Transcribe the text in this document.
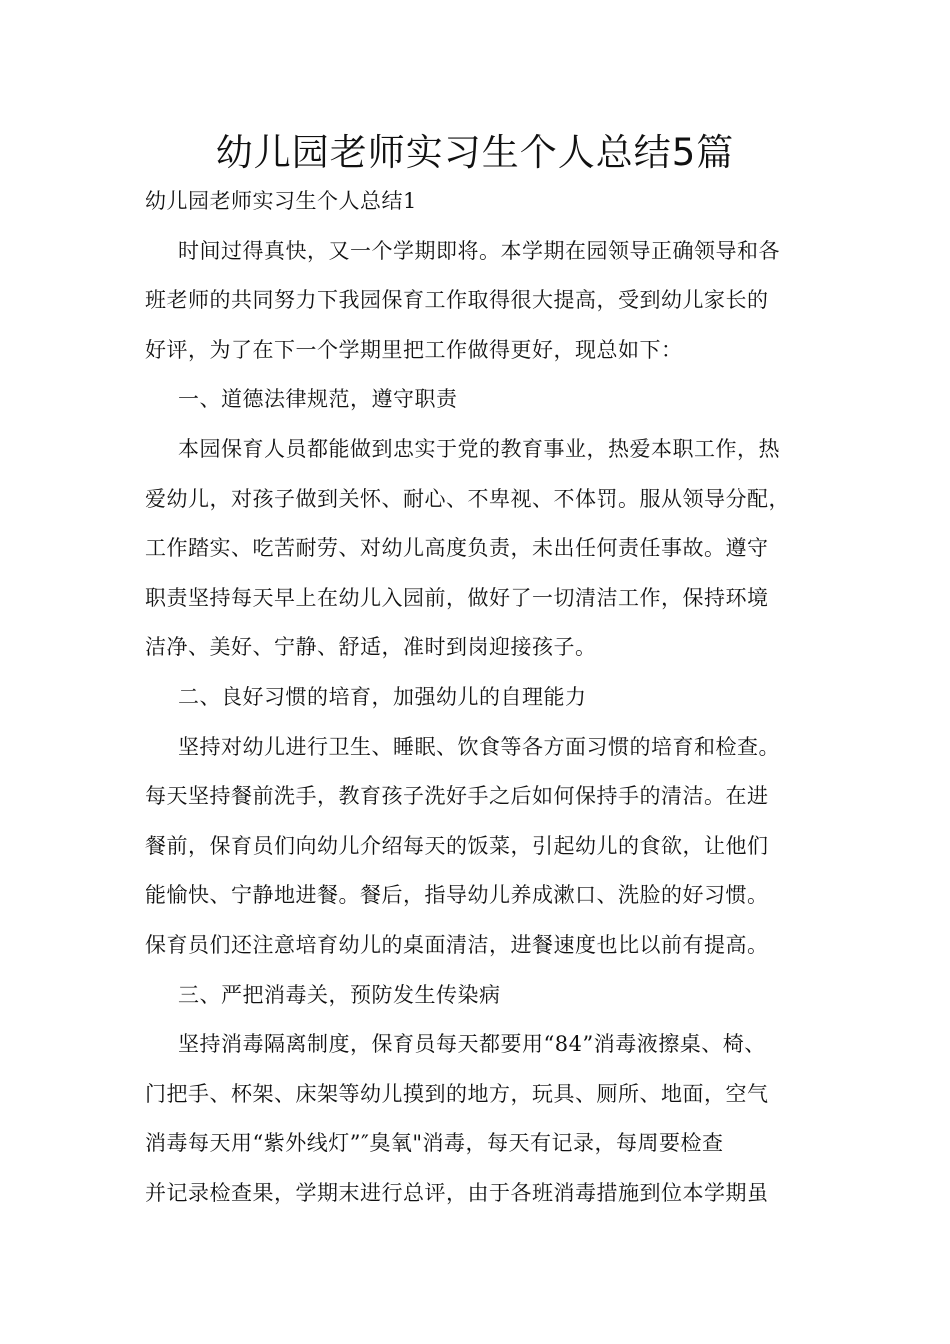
幼儿园老师实习生个人总结5篇
幼儿园老师实习生个人总结1
时间过得真快，又一个学期即将。本学期在园领导正确领导和各
班老师的共同努力下我园保育工作取得很大提高，受到幼儿家长的
好评，为了在下一个学期里把工作做得更好，现总如下：
一、道德法律规范，遵守职责
本园保育人员都能做到忠实于党的教育事业，热爱本职工作，热
爱幼儿，对孩子做到关怀、耐心、不卑视、不体罚。服从领导分配，
工作踏实、吃苦耐劳、对幼儿高度负责，未出任何责任事故。遵守
职责坚持每天早上在幼儿入园前，做好了一切清洁工作，保持环境
洁净、美好、宁静、舒适，准时到岗迎接孩子。
二、良好习惯的培育，加强幼儿的自理能力
坚持对幼儿进行卫生、睡眠、饮食等各方面习惯的培育和检查。
每天坚持餐前洗手，教育孩子洗好手之后如何保持手的清洁。在进
餐前，保育员们向幼儿介绍每天的饭菜，引起幼儿的食欲，让他们
能愉快、宁静地进餐。餐后，指导幼儿养成漱口、洗脸的好习惯。
保育员们还注意培育幼儿的桌面清洁，进餐速度也比以前有提高。
三、严把消毒关，预防发生传染病
坚持消毒隔离制度，保育员每天都要用“84”消毒液擦桌、椅、
门把手、杯架、床架等幼儿摸到的地方，玩具、厕所、地面，空气
消毒每天用“紫外线灯”″臭氧"消毒，每天有记录，每周要检查
并记录检查果，学期末进行总评，由于各班消毒措施到位本学期虽
